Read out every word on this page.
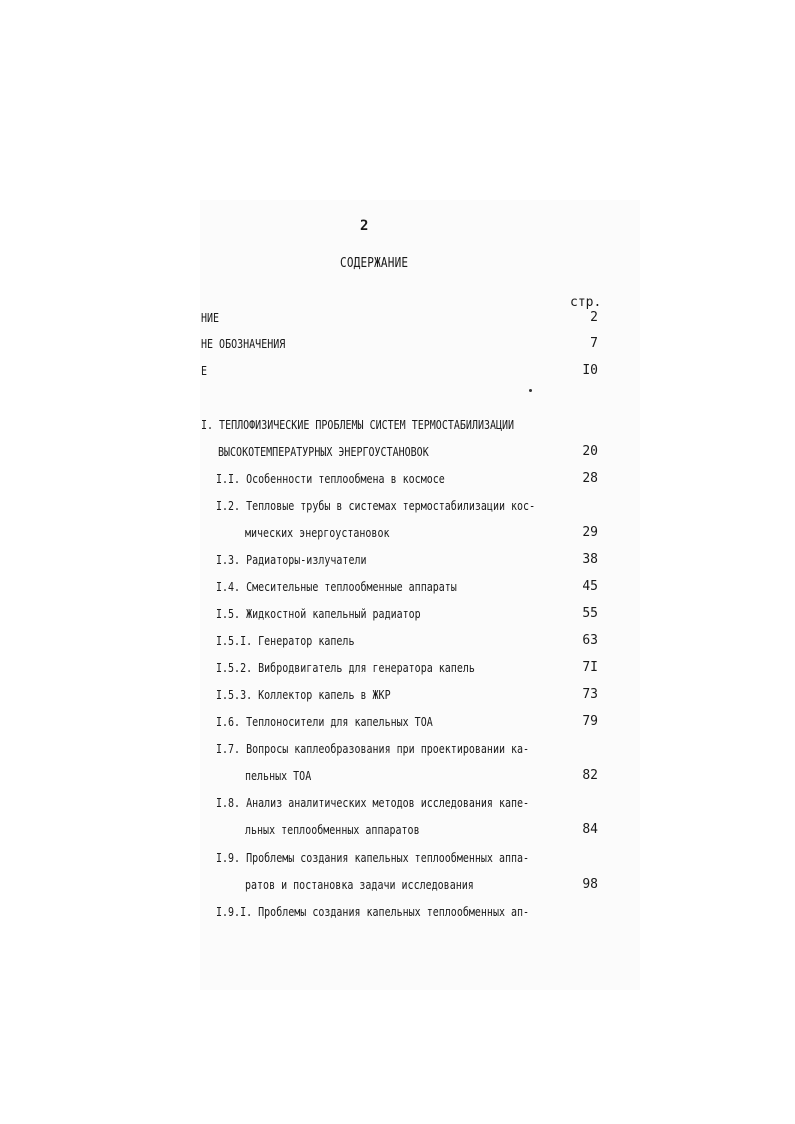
2
СОДЕРЖАНИЕ
стр.
НИЕ	2
НЕ ОБОЗНАЧЕНИЯ	7
Е	I0
I. ТЕПЛОФИЗИЧЕСКИЕ ПРОБЛЕМЫ СИСТЕМ ТЕРМОСТАБИЛИЗАЦИИ
ВЫСОКОТЕМПЕРАТУРНЫХ ЭНЕРГОУСТАНОВОК	20
I.I. Особенности теплообмена в космосе	28
I.2. Тепловые трубы в системах термостабилизации кос-
мических энергоустановок	29
I.3. Радиаторы-излучатели	38
I.4. Смесительные теплообменные аппараты	45
I.5. Жидкостной капельный радиатор	55
I.5.I. Генератор капель	63
I.5.2. Вибродвигатель для генератора капель	7I
I.5.3. Коллектор капель в ЖКР	73
I.6. Теплоносители для капельных ТОА	79
I.7. Вопросы каплеобразования при проектировании ка-
пельных ТОА	82
I.8. Анализ аналитических методов исследования капе-
льных теплообменных аппаратов	84
I.9. Проблемы создания капельных теплообменных аппа-
ратов и постановка задачи исследования	98
I.9.I. Проблемы создания капельных теплообменных ап-
